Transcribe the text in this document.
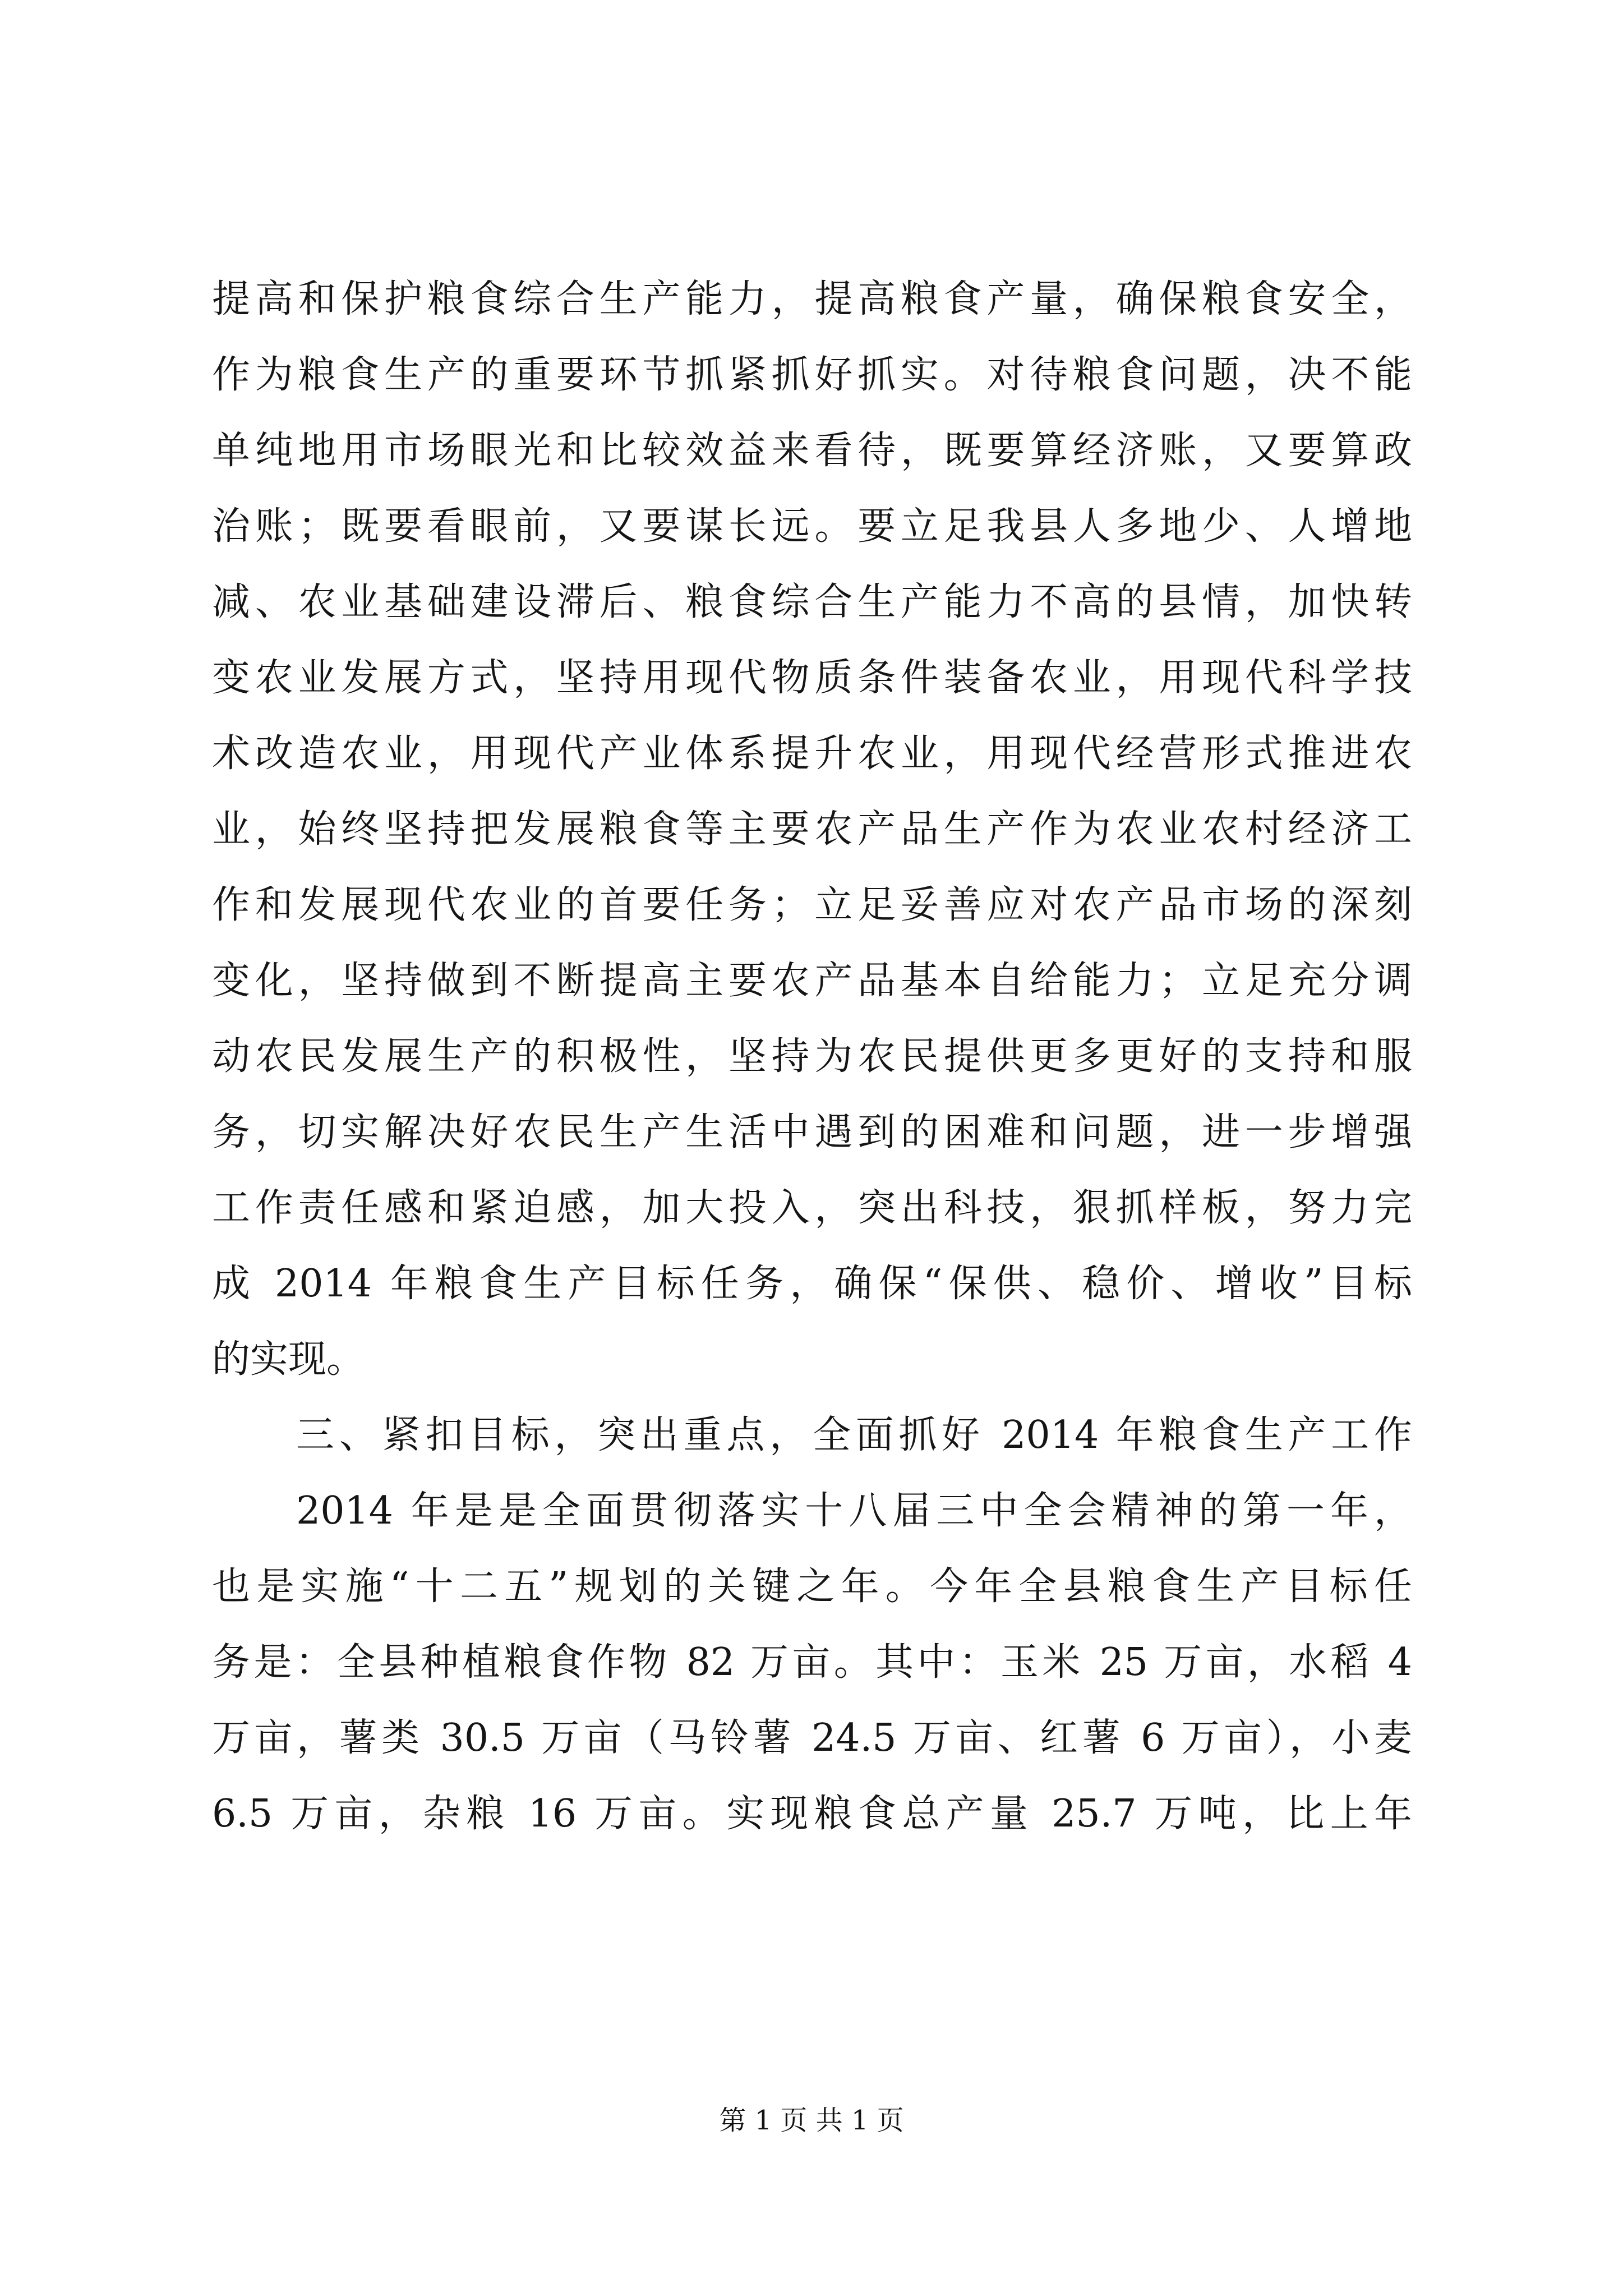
提高和保护粮食综合生产能力，提高粮食产量，确保粮食安全，
作为粮食生产的重要环节抓紧抓好抓实。对待粮食问题，决不能
单纯地用市场眼光和比较效益来看待，既要算经济账，又要算政
治账；既要看眼前，又要谋长远。要立足我县人多地少、人增地
减、农业基础建设滞后、粮食综合生产能力不高的县情，加快转
变农业发展方式，坚持用现代物质条件装备农业，用现代科学技
术改造农业，用现代产业体系提升农业，用现代经营形式推进农
业，始终坚持把发展粮食等主要农产品生产作为农业农村经济工
作和发展现代农业的首要任务；立足妥善应对农产品市场的深刻
变化，坚持做到不断提高主要农产品基本自给能力；立足充分调
动农民发展生产的积极性，坚持为农民提供更多更好的支持和服
务，切实解决好农民生产生活中遇到的困难和问题，进一步增强
工作责任感和紧迫感，加大投入，突出科技，狠抓样板，努力完
成 2014 年粮食生产目标任务，确保“保供、稳价、增收”目标
的实现。
三、紧扣目标，突出重点，全面抓好 2014 年粮食生产工作
2014 年是是全面贯彻落实十八届三中全会精神的第一年，
也是实施“十二五”规划的关键之年。今年全县粮食生产目标任
务是：全县种植粮食作物 82 万亩。其中：玉米 25 万亩，水稻 4
万亩，薯类 30.5 万亩（马铃薯 24.5 万亩、红薯 6 万亩），小麦
6.5 万亩，杂粮 16 万亩。实现粮食总产量 25.7 万吨，比上年
第 1 页 共 1 页
